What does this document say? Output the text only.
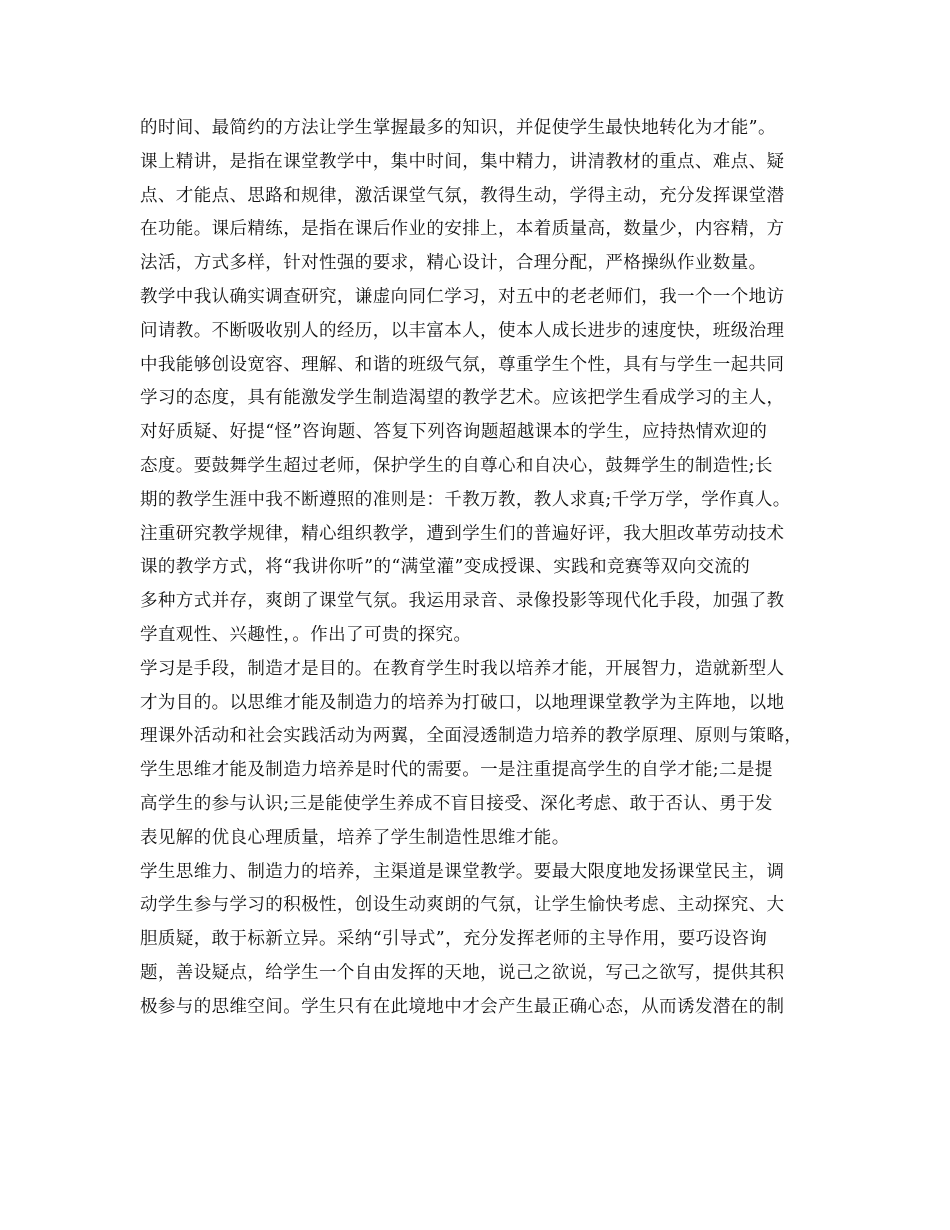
的时间、最简约的方法让学生掌握最多的知识，并促使学生最快地转化为才能”。
课上精讲，是指在课堂教学中，集中时间，集中精力，讲清教材的重点、难点、疑
点、才能点、思路和规律，激活课堂气氛，教得生动，学得主动，充分发挥课堂潜
在功能。课后精练，是指在课后作业的安排上，本着质量高，数量少，内容精，方
法活，方式多样，针对性强的要求，精心设计，合理分配，严格操纵作业数量。
教学中我认确实调查研究，谦虚向同仁学习，对五中的老老师们，我一个一个地访
问请教。不断吸收别人的经历，以丰富本人，使本人成长进步的速度快，班级治理
中我能够创设宽容、理解、和谐的班级气氛，尊重学生个性，具有与学生一起共同
学习的态度，具有能激发学生制造渴望的教学艺术。应该把学生看成学习的主人，
对好质疑、好提“怪”咨询题、答复下列咨询题超越课本的学生，应持热情欢迎的
态度。要鼓舞学生超过老师，保护学生的自尊心和自决心，鼓舞学生的制造性;长
期的教学生涯中我不断遵照的准则是：千教万教，教人求真;千学万学，学作真人。
注重研究教学规律，精心组织教学，遭到学生们的普遍好评，我大胆改革劳动技术
课的教学方式，将“我讲你听”的“满堂灌”变成授课、实践和竞赛等双向交流的
多种方式并存，爽朗了课堂气氛。我运用录音、录像投影等现代化手段，加强了教
学直观性、兴趣性，。作出了可贵的探究。
学习是手段，制造才是目的。在教育学生时我以培养才能，开展智力，造就新型人
才为目的。以思维才能及制造力的培养为打破口，以地理课堂教学为主阵地，以地
理课外活动和社会实践活动为两翼，全面浸透制造力培养的教学原理、原则与策略，
学生思维才能及制造力培养是时代的需要。一是注重提高学生的自学才能;二是提
高学生的参与认识;三是能使学生养成不盲目接受、深化考虑、敢于否认、勇于发
表见解的优良心理质量，培养了学生制造性思维才能。
学生思维力、制造力的培养，主渠道是课堂教学。要最大限度地发扬课堂民主，调
动学生参与学习的积极性，创设生动爽朗的气氛，让学生愉快考虑、主动探究、大
胆质疑，敢于标新立异。采纳“引导式”，充分发挥老师的主导作用，要巧设咨询
题，善设疑点，给学生一个自由发挥的天地，说己之欲说，写己之欲写，提供其积
极参与的思维空间。学生只有在此境地中才会产生最正确心态，从而诱发潜在的制
